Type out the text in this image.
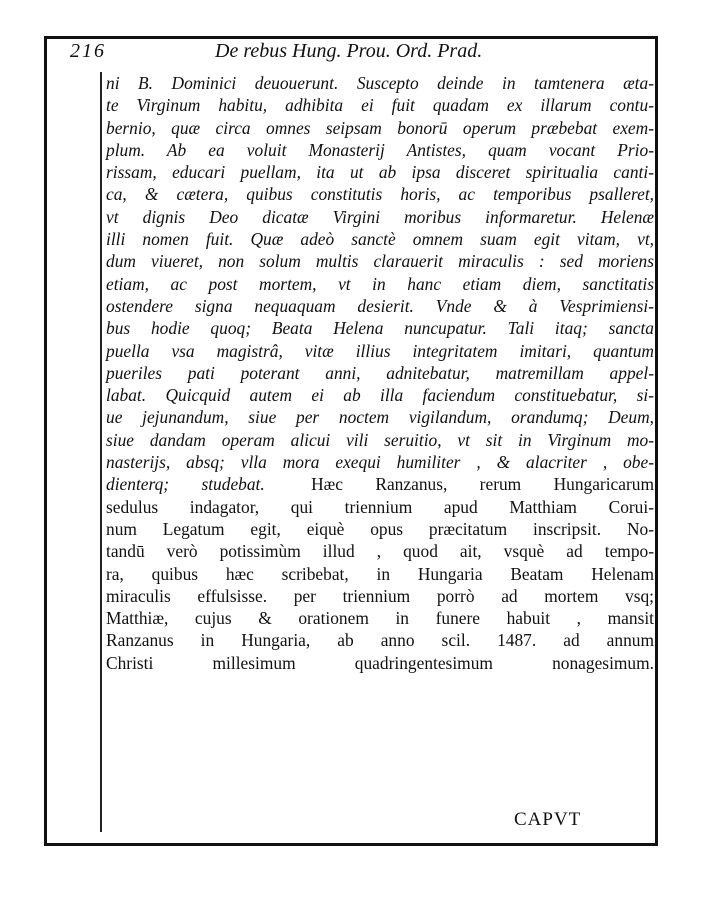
216	De rebus Hung. Prou. Ord. Prad.
ni B. Dominici deuouerunt. Suscepto deinde in tamtenera æta-
te Virginum habitu, adhibita ei fuit quadam ex illarum contu-
bernio, quæ circa omnes seipsam bonorū operum præbebat exem-
plum. Ab ea voluit Monasterij Antistes, quam vocant Prio-
rissam, educari puellam, ita ut ab ipsa disceret spiritualia canti-
ca, & cætera, quibus constitutis horis, ac temporibus psalleret,
vt dignis Deo dicatæ Virgini moribus informaretur. Helenæ
illi nomen fuit. Quæ adeò sanctè omnem suam egit vitam, vt,
dum viueret, non solum multis clarauerit miraculis : sed moriens
etiam, ac post mortem, vt in hanc etiam diem, sanctitatis
ostendere signa nequaquam desierit. Vnde & à Vesprimiensi-
bus hodie quoq; Beata Helena nuncupatur. Tali itaq; sancta
puella vsa magistrâ, vitæ illius integritatem imitari, quantum
pueriles pati poterant anni, adnitebatur, matremillam appel-
labat. Quicquid autem ei ab illa faciendum constituebatur, si-
ue jejunandum, siue per noctem vigilandum, orandumq; Deum,
siue dandam operam alicui vili seruitio, vt sit in Virginum mo-
nasterijs, absq; vlla mora exequi humiliter , & alacriter , obe-
dienterq; studebat.	Hæc Ranzanus, rerum Hungaricarum
sedulus indagator, qui triennium apud Matthiam Corui-
num Legatum egit, eiquè opus præcitatum inscripsit. No-
tandū verò potissimùm illud , quod ait, vsquè ad tempo-
ra, quibus hæc scribebat, in Hungaria Beatam Helenam
miraculis effulsisse. per triennium porrò ad mortem vsq;
Matthiæ, cujus & orationem in funere habuit , mansit
Ranzanus in Hungaria, ab anno scil. 1487. ad annum
Christi millesimum quadringentesimum nonagesimum.
CAPVT
